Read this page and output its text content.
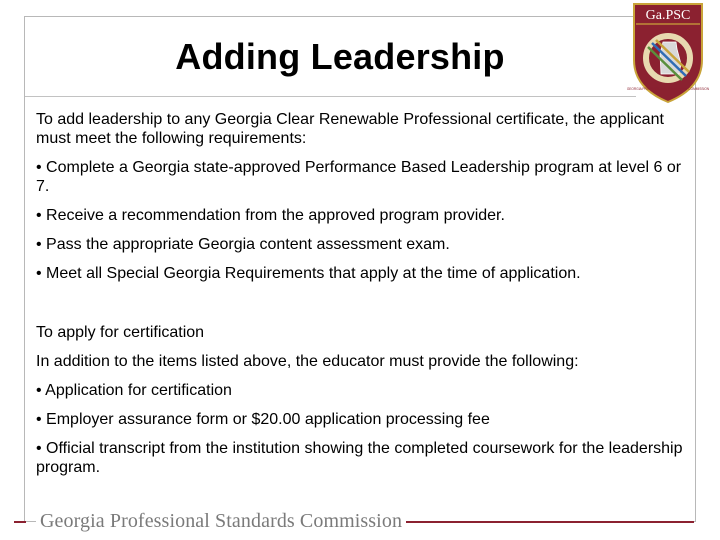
Adding Leadership
Ga.PSC
GEORGIA PROFESSIONAL STANDARDS COMMISSION

To add leadership to any Georgia Clear Renewable Professional certificate, the applicant must meet the following requirements:

• Complete a Georgia state-approved Performance Based Leadership program at level 6 or 7.

• Receive a recommendation from the approved program provider.

• Pass the appropriate Georgia content assessment exam.

• Meet all Special Georgia Requirements that apply at the time of application.

To apply for certification

In addition to the items listed above, the educator must provide the following:

• Application for certification

• Employer assurance form or $20.00 application processing fee

• Official transcript from the institution showing the completed coursework for the leadership program.

Georgia Professional Standards Commission
